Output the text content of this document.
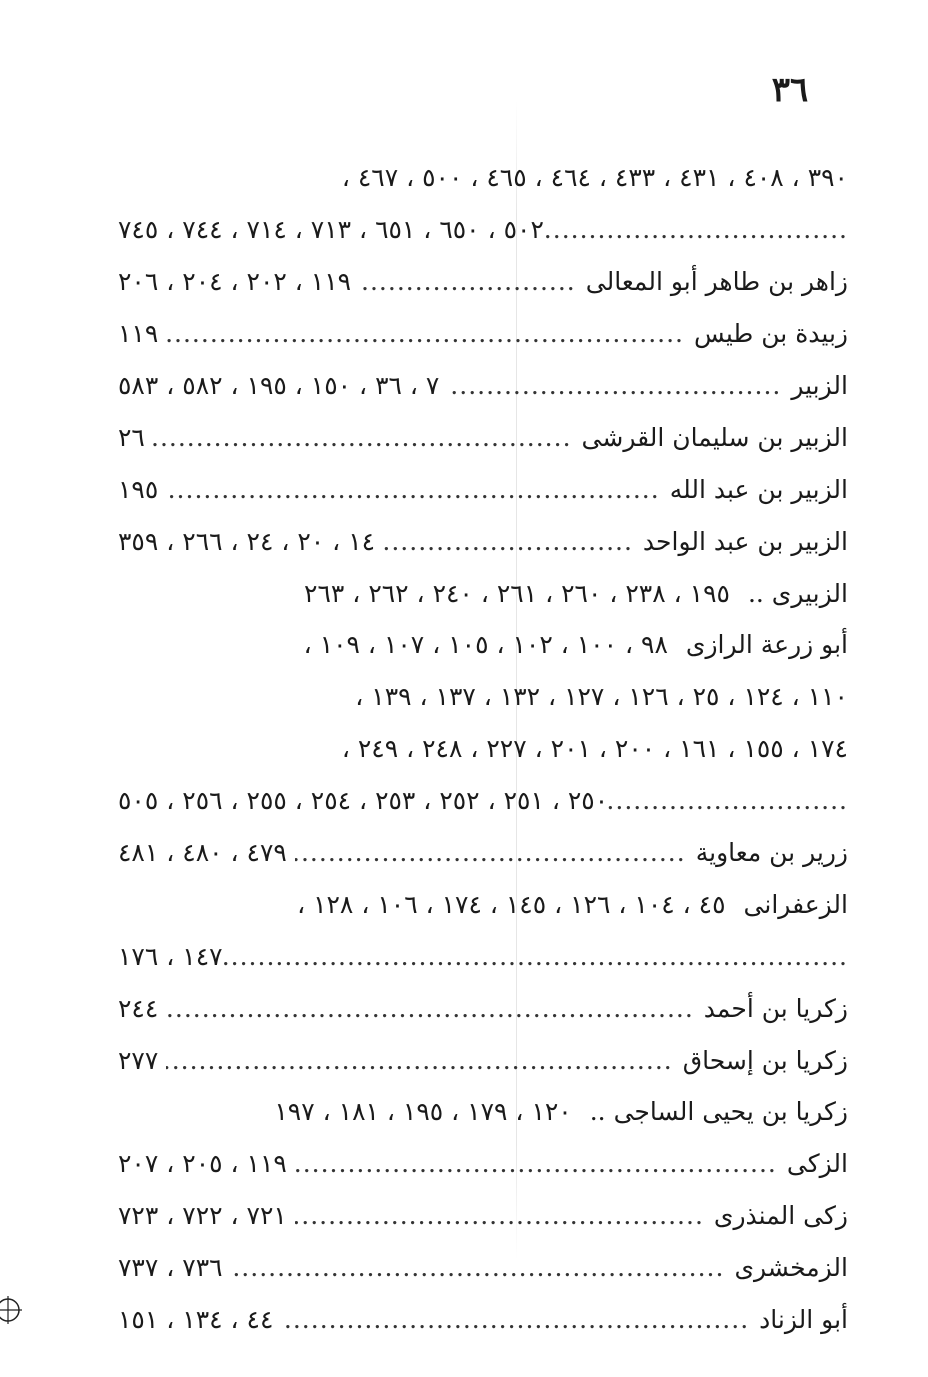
٣٦
٣٩٠ ، ٤٠٨ ، ٤٣١ ، ٤٣٣ ، ٤٦٤ ، ٤٦٥ ، ٥٠٠ ، ٤٦٧ ،
.....
٥٠٢ ، ٦٥٠ ، ٦٥١ ، ٧١٣ ، ٧١٤ ، ٧٤٤ ، ٧٤٥
زاهر بن طاهر أبو المعالى
.....
١١٩ ، ٢٠٢ ، ٢٠٤ ، ٢٠٦
زبيدة بن طيس
.....
١١٩
الزبير
.....
٧ ، ٣٦ ، ١٥٠ ، ١٩٥ ، ٥٨٢ ، ٥٨٣
الزبير بن سليمان القرشى
.....
٢٦
الزبير بن عبد الله
.....
١٩٥
الزبير بن عبد الواحد
.....
١٤ ، ٢٠ ، ٢٤ ، ٢٦٦ ، ٣٥٩
الزبيرى ..
١٩٥ ، ٢٣٨ ، ٢٦٠ ، ٢٦١ ، ٢٤٠ ، ٢٦٢ ، ٢٦٣
أبو زرعة الرازى
٩٨ ، ١٠٠ ، ١٠٢ ، ١٠٥ ، ١٠٧ ، ١٠٩ ،
١١٠ ، ١٢٤ ، ٢٥ ، ١٢٦ ، ١٢٧ ، ١٣٢ ، ١٣٧ ، ١٣٩ ،
١٧٤ ، ١٥٥ ، ١٦١ ، ٢٠٠ ، ٢٠١ ، ٢٢٧ ، ٢٤٨ ، ٢٤٩ ،
.....
٢٥٠ ، ٢٥١ ، ٢٥٢ ، ٢٥٣ ، ٢٥٤ ، ٢٥٥ ، ٢٥٦ ، ٥٠٥
زرير بن معاوية
.....
٤٧٩ ، ٤٨٠ ، ٤٨١
الزعفرانى
٤٥ ، ١٠٤ ، ١٢٦ ، ١٤٥ ، ١٧٤ ، ١٠٦ ، ١٢٨ ،
.....
١٤٧ ، ١٧٦
زكريا بن أحمد
.....
٢٤٤
زكريا بن إسحاق
.....
٢٧٧
زكريا بن يحيى الساجى ..
١٢٠ ، ١٧٩ ، ١٩٥ ، ١٨١ ، ١٩٧
الزكى
.....
١١٩ ، ٢٠٥ ، ٢٠٧
زكى المنذرى
.....
٧٢١ ، ٧٢٢ ، ٧٢٣
الزمخشرى
.....
٧٣٦ ، ٧٣٧
أبو الزناد
.....
٤٤ ، ١٣٤ ، ١٥١
